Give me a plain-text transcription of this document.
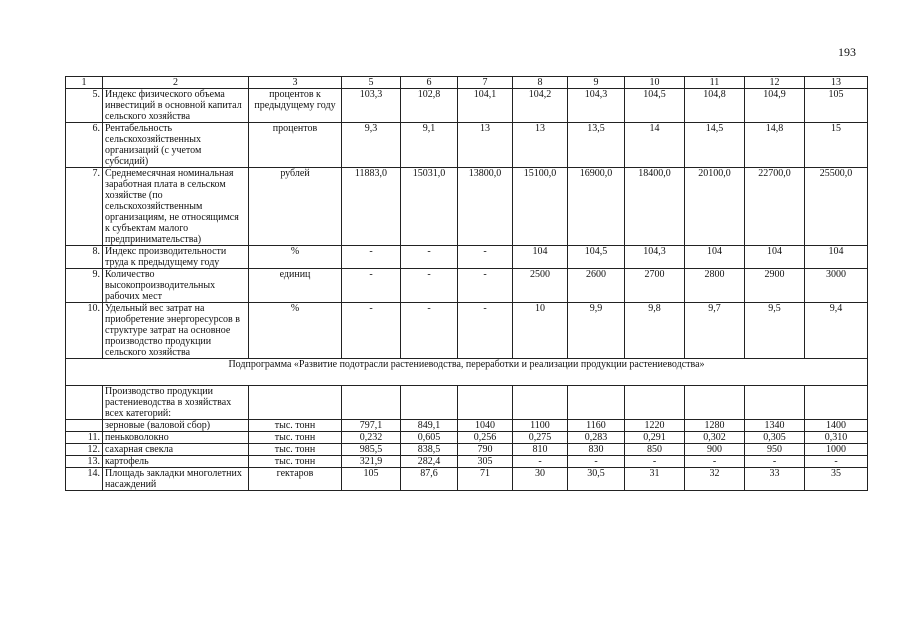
193
1	2	3	5	6	7	8	9	10	11	12	13
5.	Индекс физического объема инвестиций в основной капитал сельского хозяйства	процентов к предыдущему году	103,3	102,8	104,1	104,2	104,3	104,5	104,8	104,9	105
6.	Рентабельность сельскохозяйственных организаций (с учетом субсидий)	процентов	9,3	9,1	13	13	13,5	14	14,5	14,8	15
7.	Среднемесячная номинальная заработная плата в сельском хозяйстве (по сельскохозяйственным организациям, не относящимся к субъектам малого предпринимательства)	рублей	11883,0	15031,0	13800,0	15100,0	16900,0	18400,0	20100,0	22700,0	25500,0
8.	Индекс производительности труда к предыдущему году	%	-	-	-	104	104,5	104,3	104	104	104
9.	Количество высокопроизводительных рабочих мест	единиц	-	-	-	2500	2600	2700	2800	2900	3000
10.	Удельный вес затрат на приобретение энергоресурсов в структуре затрат на основное производство продукции сельского хозяйства	%	-	-	-	10	9,9	9,8	9,7	9,5	9,4
Подпрограмма «Развитие подотрасли растениеводства, переработки и реализации продукции растениеводства»											
	Производство продукции растениеводства в хозяйствах всех категорий:										
	зерновые (валовой сбор)	тыс. тонн	797,1	849,1	1040	1100	1160	1220	1280	1340	1400
11.	пеньковолокно	тыс. тонн	0,232	0,605	0,256	0,275	0,283	0,291	0,302	0,305	0,310
12.	сахарная свекла	тыс. тонн	985,5	838,5	790	810	830	850	900	950	1000
13.	картофель	тыс. тонн	321,9	282,4	305	-	-	-	-	-	-
14.	Площадь закладки многолетних насаждений	гектаров	105	87,6	71	30	30,5	31	32	33	35
